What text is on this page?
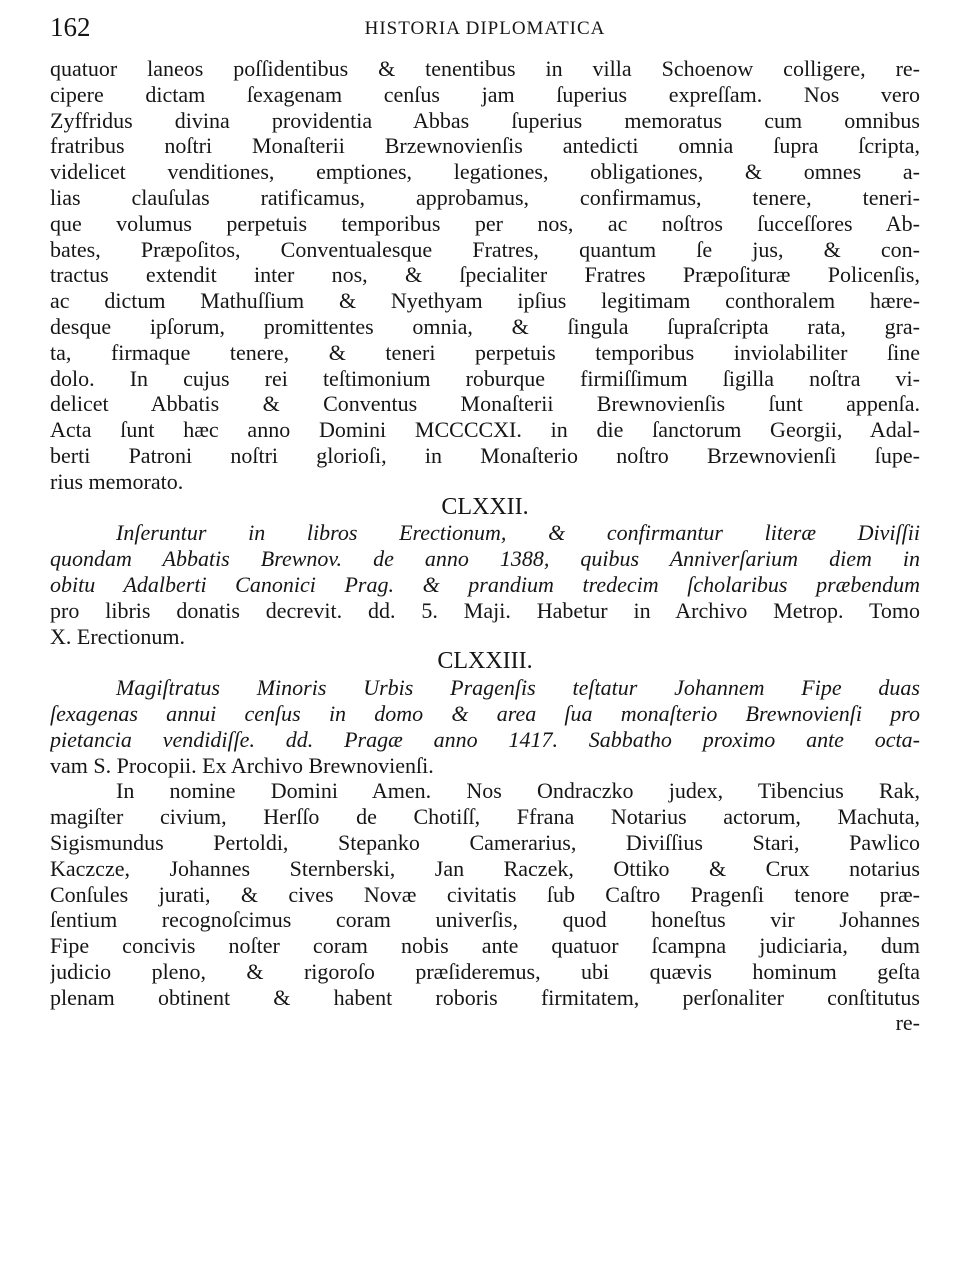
162	HISTORIA DIPLOMATICA
quatuor laneos poſſidentibus & tenentibus in villa Schoenow colligere, re-
cipere dictam ſexagenam cenſus jam ſuperius expreſſam. Nos vero
Zyffridus divina providentia Abbas ſuperius memoratus cum omnibus
fratribus noſtri Monaſterii Brzewnovienſis antedicti omnia ſupra ſcripta,
videlicet venditiones, emptiones, legationes, obligationes, & omnes a-
lias clauſulas ratificamus, approbamus, confirmamus, tenere, teneri-
que volumus perpetuis temporibus per nos, ac noſtros ſucceſſores Ab-
bates, Præpoſitos, Conventualesque Fratres, quantum ſe jus, & con-
tractus extendit inter nos, & ſpecialiter Fratres Præpoſituræ Policenſis,
ac dictum Mathuſſium & Nyethyam ipſius legitimam conthoralem hære-
desque ipſorum, promittentes omnia, & ſingula ſupraſcripta rata, gra-
ta, firmaque tenere, & teneri perpetuis temporibus inviolabiliter ſine
dolo. In cujus rei teſtimonium roburque firmiſſimum ſigilla noſtra vi-
delicet Abbatis & Conventus Monaſterii Brewnovienſis ſunt appenſa.
Acta ſunt hæc anno Domini MCCCCXI. in die ſanctorum Georgii, Adal-
berti Patroni noſtri glorioſi, in Monaſterio noſtro Brzewnovienſi ſupe-
rius memorato.
CLXXII.
Inſeruntur in libros Erectionum, & confirmantur literæ Diviſſii
quondam Abbatis Brewnov. de anno 1388, quibus Anniverſarium diem in
obitu Adalberti Canonici Prag. & prandium tredecim ſcholaribus præbendum
pro libris donatis decrevit. dd. 5. Maji. Habetur in Archivo Metrop. Tomo
X. Erectionum.
CLXXIII.
Magiſtratus Minoris Urbis Pragenſis teſtatur Johannem Fipe duas
ſexagenas annui cenſus in domo & area ſua monaſterio Brewnovienſi pro
pietancia vendidiſſe. dd. Pragæ anno 1417. Sabbatho proximo ante octa-
vam S. Procopii. Ex Archivo Brewnovienſi.
In nomine Domini Amen. Nos Ondraczko judex, Tibencius Rak,
magiſter civium, Herſſo de Chotiſſ, Ffrana Notarius actorum, Machuta,
Sigismundus Pertoldi, Stepanko Camerarius, Diviſſius Stari, Pawlico
Kaczcze, Johannes Sternberski, Jan Raczek, Ottiko & Crux notarius
Conſules jurati, & cives Novæ civitatis ſub Caſtro Pragenſi tenore præ-
ſentium recognoſcimus coram univerſis, quod honeſtus vir Johannes
Fipe concivis noſter coram nobis ante quatuor ſcampna judiciaria, dum
judicio pleno, & rigoroſo præſideremus, ubi quævis hominum geſta
plenam obtinent & habent roboris firmitatem, perſonaliter conſtitutus
re-
